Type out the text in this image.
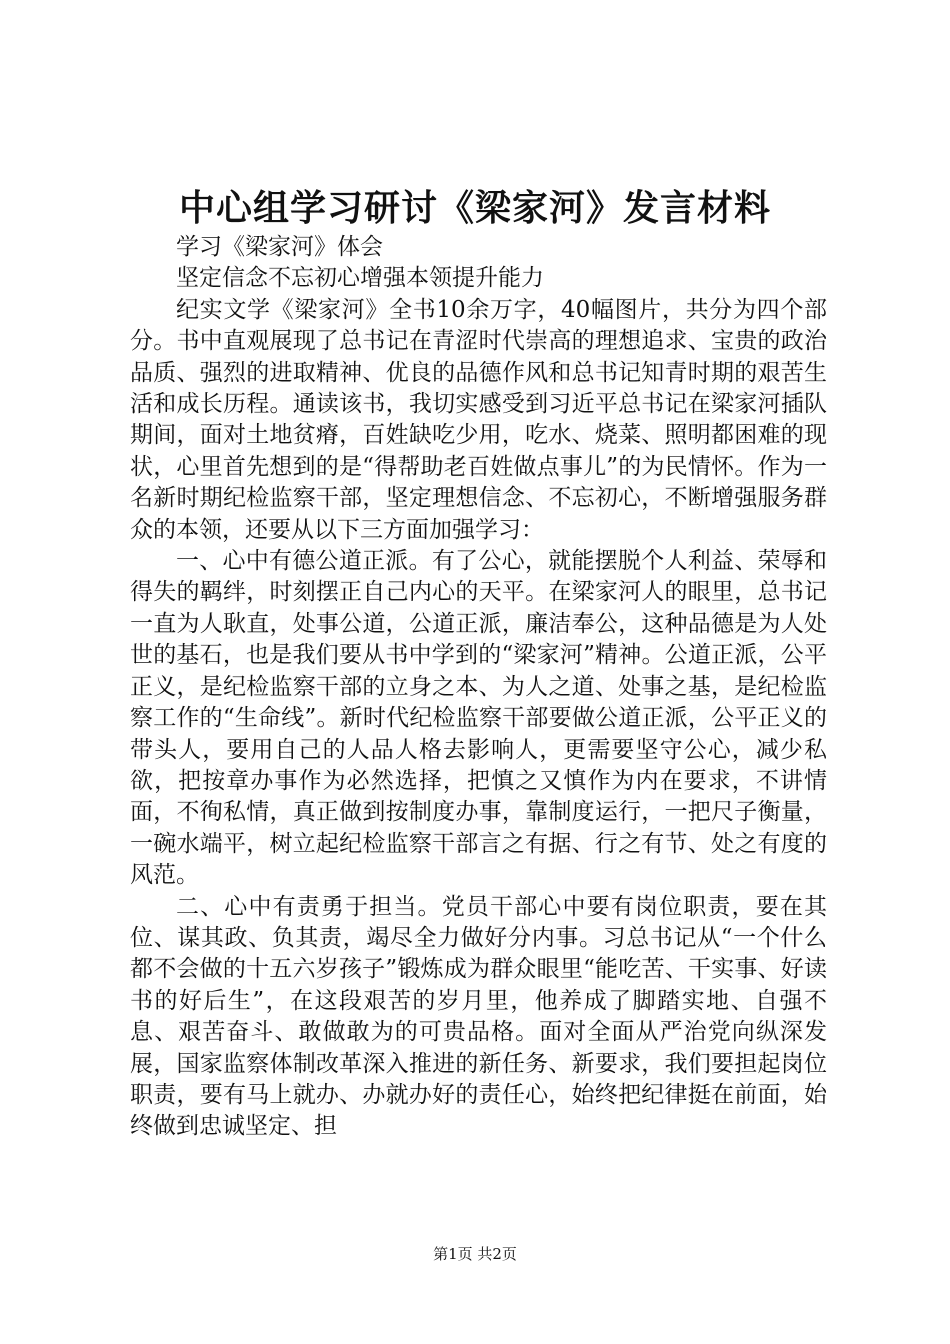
中心组学习研讨《梁家河》发言材料

学习《梁家河》体会

坚定信念不忘初心增强本领提升能力

纪实文学《梁家河》全书10余万字，40幅图片，共分为四个部分。书中直观展现了总书记在青涩时代崇高的理想追求、宝贵的政治品质、强烈的进取精神、优良的品德作风和总书记知青时期的艰苦生活和成长历程。通读该书，我切实感受到习近平总书记在梁家河插队期间，面对土地贫瘠，百姓缺吃少用，吃水、烧菜、照明都困难的现状，心里首先想到的是“得帮助老百姓做点事儿”的为民情怀。作为一名新时期纪检监察干部，坚定理想信念、不忘初心，不断增强服务群众的本领，还要从以下三方面加强学习：

一、心中有德公道正派。有了公心，就能摆脱个人利益、荣辱和得失的羁绊，时刻摆正自己内心的天平。在梁家河人的眼里，总书记一直为人耿直，处事公道，公道正派，廉洁奉公，这种品德是为人处世的基石，也是我们要从书中学到的“梁家河”精神。公道正派，公平正义，是纪检监察干部的立身之本、为人之道、处事之基，是纪检监察工作的“生命线”。新时代纪检监察干部要做公道正派，公平正义的带头人，要用自己的人品人格去影响人，更需要坚守公心，减少私欲，把按章办事作为必然选择，把慎之又慎作为内在要求，不讲情面，不徇私情，真正做到按制度办事，靠制度运行，一把尺子衡量，一碗水端平，树立起纪检监察干部言之有据、行之有节、处之有度的风范。

二、心中有责勇于担当。党员干部心中要有岗位职责，要在其位、谋其政、负其责，竭尽全力做好分内事。习总书记从“一个什么都不会做的十五六岁孩子”锻炼成为群众眼里“能吃苦、干实事、好读书的好后生”，在这段艰苦的岁月里，他养成了脚踏实地、自强不息、艰苦奋斗、敢做敢为的可贵品格。面对全面从严治党向纵深发展，国家监察体制改革深入推进的新任务、新要求，我们要担起岗位职责，要有马上就办、办就办好的责任心，始终把纪律挺在前面，始终做到忠诚坚定、担

第1页 共2页
